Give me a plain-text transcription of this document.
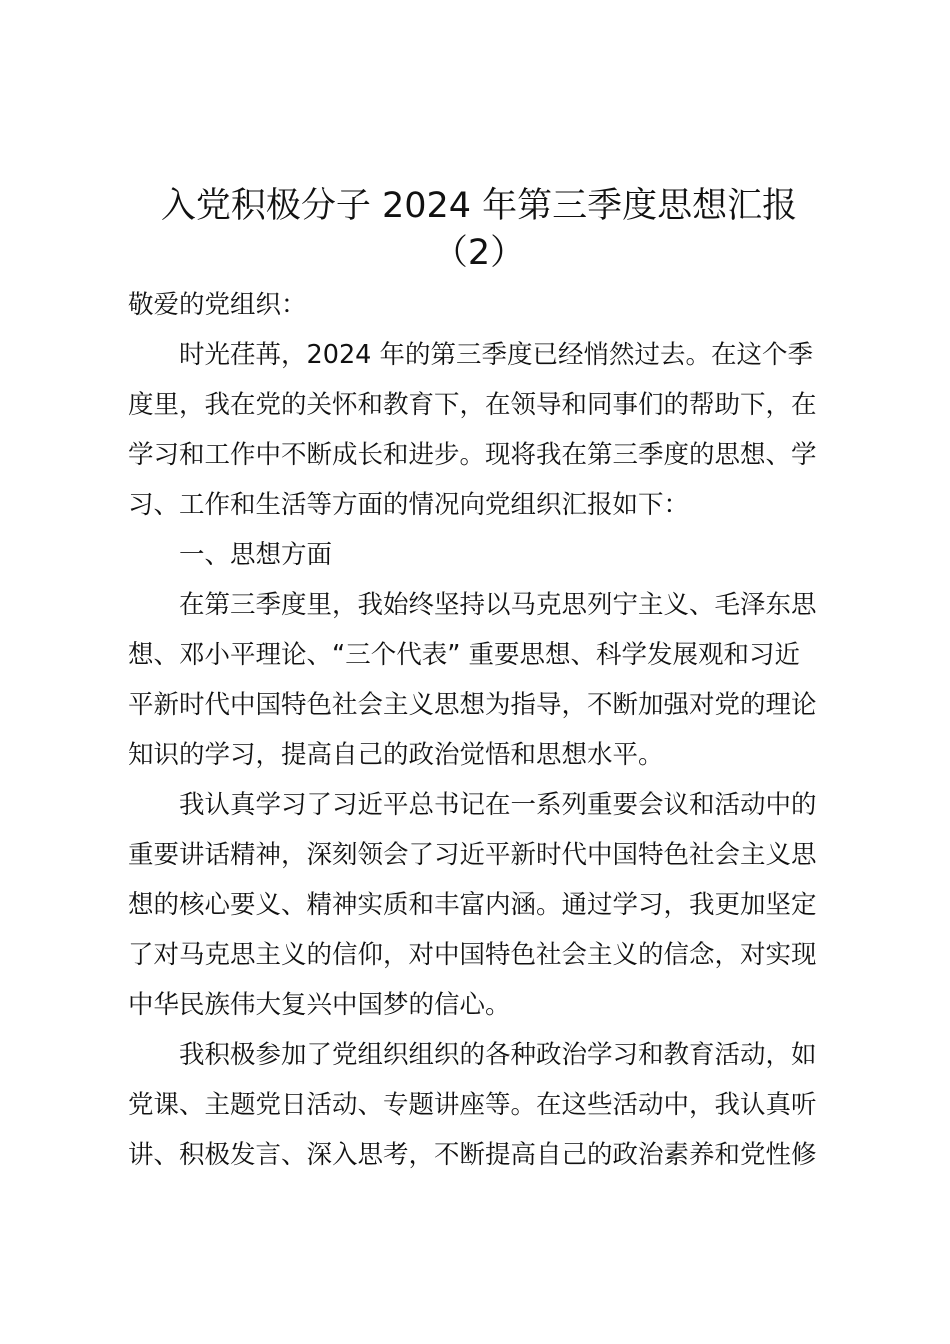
入党积极分子 2024 年第三季度思想汇报
（2）
敬爱的党组织：
时光荏苒，2024 年的第三季度已经悄然过去。在这个季
度里，我在党的关怀和教育下，在领导和同事们的帮助下，在
学习和工作中不断成长和进步。现将我在第三季度的思想、学
习、工作和生活等方面的情况向党组织汇报如下：
一、思想方面
在第三季度里，我始终坚持以马克思列宁主义、毛泽东思
想、邓小平理论、“三个代表” 重要思想、科学发展观和习近
平新时代中国特色社会主义思想为指导，不断加强对党的理论
知识的学习，提高自己的政治觉悟和思想水平。
我认真学习了习近平总书记在一系列重要会议和活动中的
重要讲话精神，深刻领会了习近平新时代中国特色社会主义思
想的核心要义、精神实质和丰富内涵。通过学习，我更加坚定
了对马克思主义的信仰，对中国特色社会主义的信念，对实现
中华民族伟大复兴中国梦的信心。
我积极参加了党组织组织的各种政治学习和教育活动，如
党课、主题党日活动、专题讲座等。在这些活动中，我认真听
讲、积极发言、深入思考，不断提高自己的政治素养和党性修
